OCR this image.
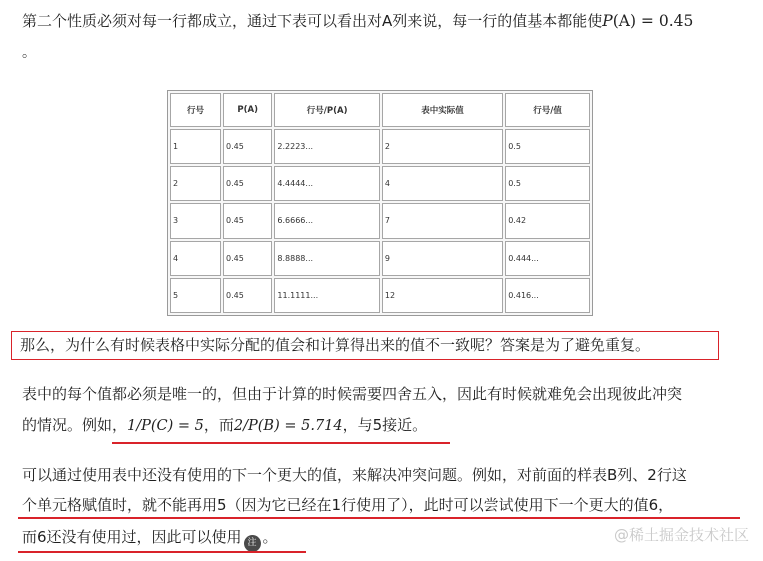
第二个性质必须对每一行都成立，通过下表可以看出对A列来说，每一行的值基本都能使P(A) = 0.45
。
行号	P(A)	行号/P(A)	表中实际值	行号/值
1	0.45	2.2223...	2	0.5
2	0.45	4.4444...	4	0.5
3	0.45	6.6666...	7	0.42
4	0.45	8.8888...	9	0.444...
5	0.45	11.1111...	12	0.416...
那么，为什么有时候表格中实际分配的值会和计算得出来的值不一致呢？答案是为了避免重复。
表中的每个值都必须是唯一的，但由于计算的时候需要四舍五入，因此有时候就难免会出现彼此冲突
的情况。例如，1/P(C) = 5，而2/P(B) = 5.714，与5接近。
可以通过使用表中还没有使用的下一个更大的值，来解决冲突问题。例如，对前面的样表B列、2行这
个单元格赋值时，就不能再用5（因为它已经在1行使用了），此时可以尝试使用下一个更大的值6，
而6还没有使用过，因此可以使用 注 。	@稀土掘金技术社区
